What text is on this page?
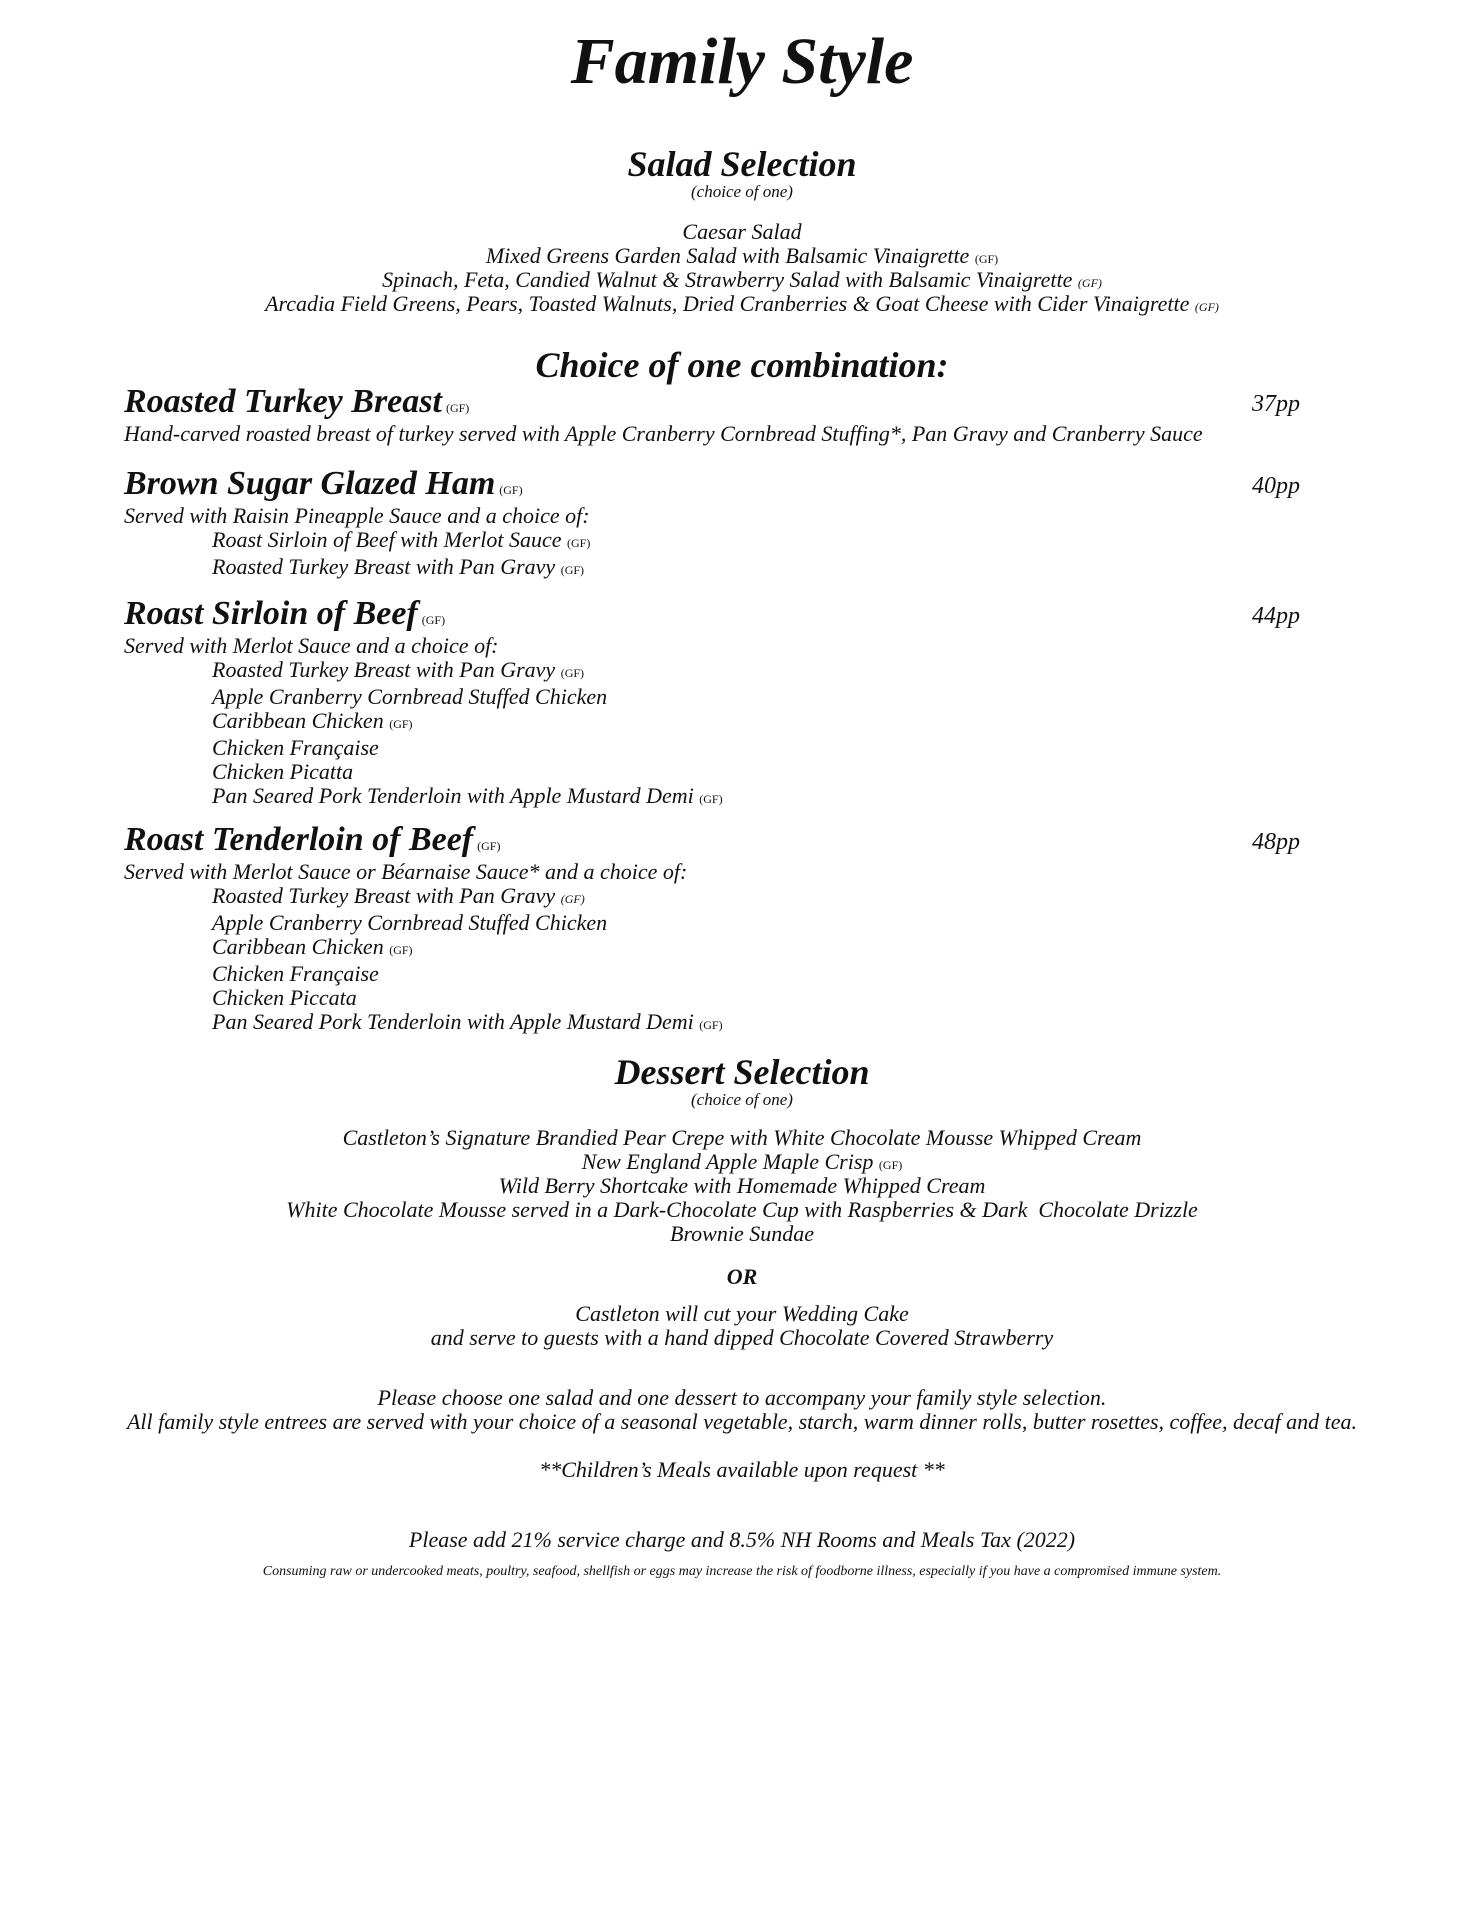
Family Style
Salad Selection
(choice of one)
Caesar Salad
Mixed Greens Garden Salad with Balsamic Vinaigrette (GF)
Spinach, Feta, Candied Walnut & Strawberry Salad with Balsamic Vinaigrette (GF)
Arcadia Field Greens, Pears, Toasted Walnuts, Dried Cranberries & Goat Cheese with Cider Vinaigrette (GF)
Choice of one combination:
Roasted Turkey Breast (GF)	37pp
Hand-carved roasted breast of turkey served with Apple Cranberry Cornbread Stuffing*, Pan Gravy and Cranberry Sauce
Brown Sugar Glazed Ham (GF)	40pp
Served with Raisin Pineapple Sauce and a choice of:
Roast Sirloin of Beef with Merlot Sauce (GF)
Roasted Turkey Breast with Pan Gravy (GF)
Roast Sirloin of Beef (GF)	44pp
Served with Merlot Sauce and a choice of:
Roasted Turkey Breast with Pan Gravy (GF)
Apple Cranberry Cornbread Stuffed Chicken
Caribbean Chicken (GF)
Chicken Française
Chicken Picatta
Pan Seared Pork Tenderloin with Apple Mustard Demi (GF)
Roast Tenderloin of Beef (GF)	48pp
Served with Merlot Sauce or Béarnaise Sauce* and a choice of:
Roasted Turkey Breast with Pan Gravy (GF)
Apple Cranberry Cornbread Stuffed Chicken
Caribbean Chicken (GF)
Chicken Française
Chicken Piccata
Pan Seared Pork Tenderloin with Apple Mustard Demi (GF)
Dessert Selection
(choice of one)
Castleton’s Signature Brandied Pear Crepe with White Chocolate Mousse Whipped Cream
New England Apple Maple Crisp (GF)
Wild Berry Shortcake with Homemade Whipped Cream
White Chocolate Mousse served in a Dark-Chocolate Cup with Raspberries & Dark  Chocolate Drizzle
Brownie Sundae
OR
Castleton will cut your Wedding Cake
and serve to guests with a hand dipped Chocolate Covered Strawberry
Please choose one salad and one dessert to accompany your family style selection.
All family style entrees are served with your choice of a seasonal vegetable, starch, warm dinner rolls, butter rosettes, coffee, decaf and tea.
**Children’s Meals available upon request **
Please add 21% service charge and 8.5% NH Rooms and Meals Tax (2022)
Consuming raw or undercooked meats, poultry, seafood, shellfish or eggs may increase the risk of foodborne illness, especially if you have a compromised immune system.
